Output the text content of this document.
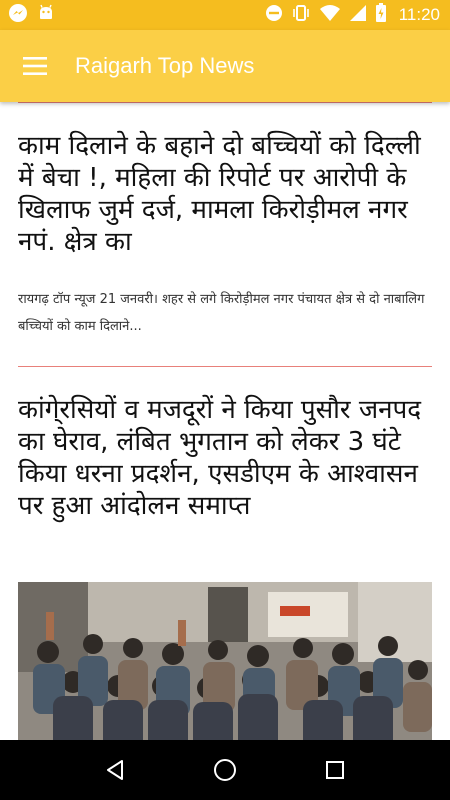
11:20
Raigarh Top News
काम दिलाने के बहाने दो बच्चियों को दिल्ली में बेचा !, महिला की रिपोर्ट पर आरोपी के खिलाफ जुर्म दर्ज, मामला किरोड़ीमल नगर नपं. क्षेत्र का

रायगढ़ टॉप न्यूज 21 जनवरी। शहर से लगे किरोड़ीमल नगर पंचायत क्षेत्र से दो नाबालिग बच्चियों को काम दिलाने...

कांगे्रसियों व मजदूरों ने किया पुसौर जनपद का घेराव, लंबित भुगतान को लेकर 3 घंटे किया धरना प्रदर्शन, एसडीएम के आश्वासन पर हुआ आंदोलन समाप्त
